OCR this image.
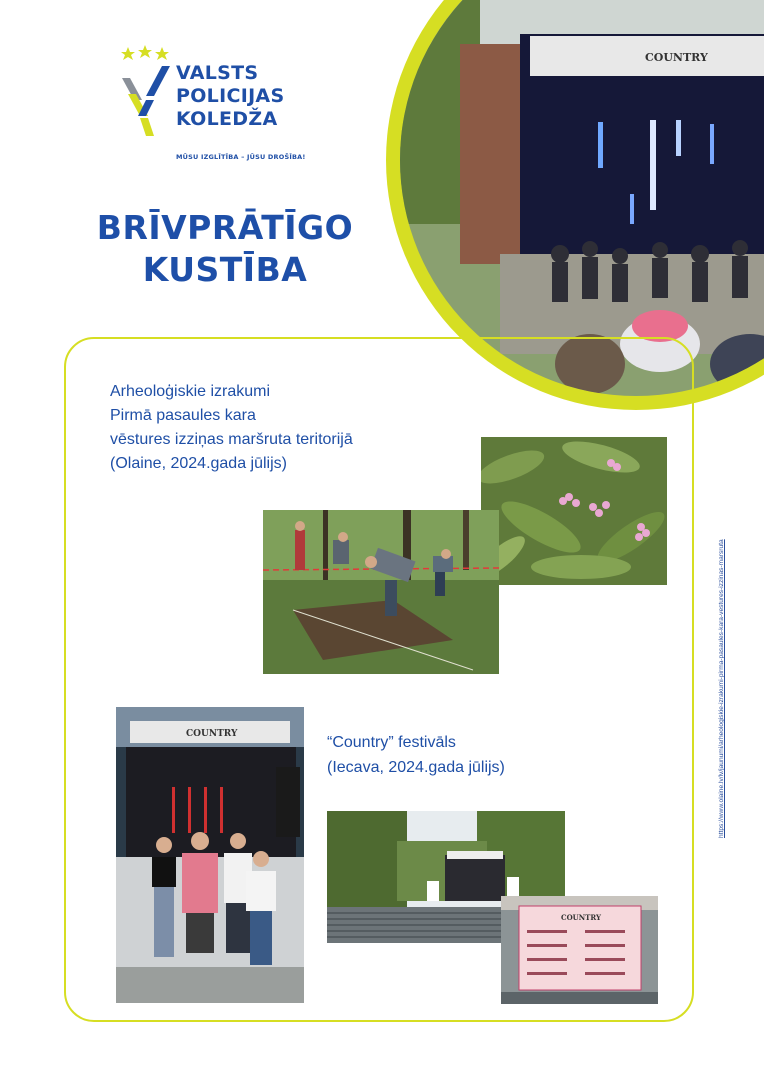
COUNTRY
VALSTS
POLICIJAS
KOLEDŽA
MŪSU IZGLĪTĪBA – JŪSU DROŠĪBA!
BRĪVPRĀTĪGO
KUSTĪBA
Arheoloģiskie izrakumi
Pirmā pasaules kara
vēstures izziņas maršruta teritorijā
(Olaine, 2024.gada jūlijs)
“Country” festivāls
(Iecava, 2024.gada jūlijs)
COUNTRY
COUNTRY
https://www.olaine.lv/lv/jaunumi/arheologiskie-izrakumi-pirma-pasaules-kara-vestures-izzinas-marsruta
